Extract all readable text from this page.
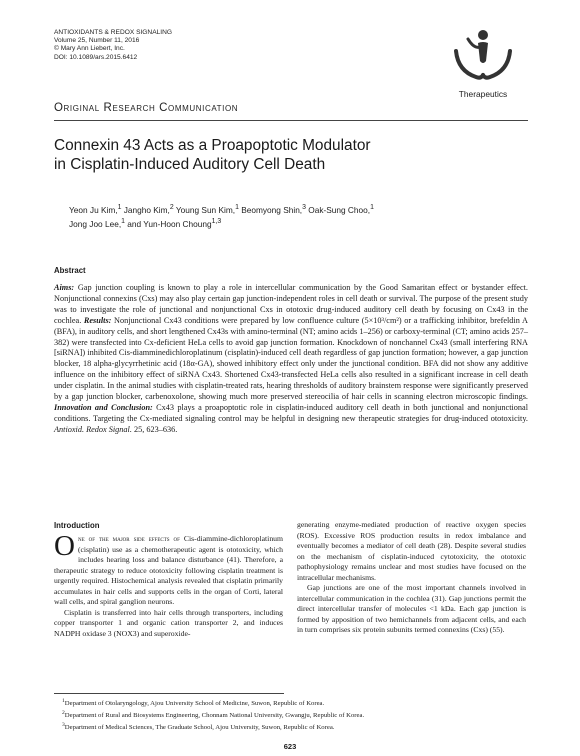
ANTIOXIDANTS & REDOX SIGNALING
Volume 25, Number 11, 2016
© Mary Ann Liebert, Inc.
DOI: 10.1089/ars.2015.6412
Therapeutics
Original Research Communication
Connexin 43 Acts as a Proapoptotic Modulator
in Cisplatin-Induced Auditory Cell Death
Yeon Ju Kim,$^1$ Jangho Kim,$^2$ Young Sun Kim,$^1$ Beomyong Shin,$^3$ Oak-Sung Choo,$^1$
Jong Joo Lee,$^1$ and Yun-Hoon Choung$^{1,3}$
Abstract
Aims: Gap junction coupling is known to play a role in intercellular communication by the Good Samaritan effect or bystander effect. Nonjunctional connexins (Cxs) may also play certain gap junction-independent roles in cell death or survival. The purpose of the present study was to investigate the role of junctional and nonjunctional Cxs in ototoxic drug-induced auditory cell death by focusing on Cx43 in the cochlea. Results: Nonjunctional Cx43 conditions were prepared by low confluence culture (5×10³/cm²) or a trafficking inhibitor, brefeldin A (BFA), in auditory cells, and short lengthened Cx43s with amino-terminal (NT; amino acids 1–256) or carboxy-terminal (CT; amino acids 257–382) were transfected into Cx-deficient HeLa cells to avoid gap junction formation. Knockdown of nonchannel Cx43 (small interfering RNA [siRNA]) inhibited Cis-diamminedichloroplatinum (cisplatin)-induced cell death regardless of gap junction formation; however, a gap junction blocker, 18 alpha-glycyrrhetinic acid (18α-GA), showed inhibitory effect only under the junctional condition. BFA did not show any additive influence on the inhibitory effect of siRNA Cx43. Shortened Cx43-transfected HeLa cells also resulted in a significant increase in cell death under cisplatin. In the animal studies with cisplatin-treated rats, hearing thresholds of auditory brainstem response were significantly preserved by a gap junction blocker, carbenoxolone, showing much more preserved stereocilia of hair cells in scanning electron microscopic findings. Innovation and Conclusion: Cx43 plays a proapoptotic role in cisplatin-induced auditory cell death in both junctional and nonjunctional conditions. Targeting the Cx-mediated signaling control may be helpful in designing new therapeutic strategies for drug-induced ototoxicity. Antioxid. Redox Signal. 25, 623–636.
Introduction

One of the major side effects of Cis-diammine-dichloroplatinum (cisplatin) use as a chemotherapeutic agent is ototoxicity, which includes hearing loss and balance disturbance (41). Therefore, a therapeutic strategy to reduce ototoxicity following cisplatin treatment is urgently required. Histochemical analysis revealed that cisplatin primarily accumulates in hair cells and supports cells in the organ of Corti, lateral wall cells, and spiral ganglion neurons.

Cisplatin is transferred into hair cells through transporters, including copper transporter 1 and organic cation transporter 2, and induces NADPH oxidase 3 (NOX3) and superoxide-

generating enzyme-mediated production of reactive oxygen species (ROS). Excessive ROS production results in redox imbalance and eventually becomes a mediator of cell death (28). Despite several studies on the mechanism of cisplatin-induced cytotoxicity, the ototoxic pathophysiology remains unclear and most studies have focused on the intracellular mechanisms.

Gap junctions are one of the most important channels involved in intercellular communication in the cochlea (31). Gap junctions permit the direct intercellular transfer of molecules <1 kDa. Each gap junction is formed by apposition of two hemichannels from adjacent cells, and each in turn comprises six protein subunits termed connexins (Cxs) (55).

$^1$Department of Otolaryngology, Ajou University School of Medicine, Suwon, Republic of Korea.
$^2$Department of Rural and Biosystems Engineering, Chonnam National University, Gwangju, Republic of Korea.
$^3$Department of Medical Sciences, The Graduate School, Ajou University, Suwon, Republic of Korea.
623
